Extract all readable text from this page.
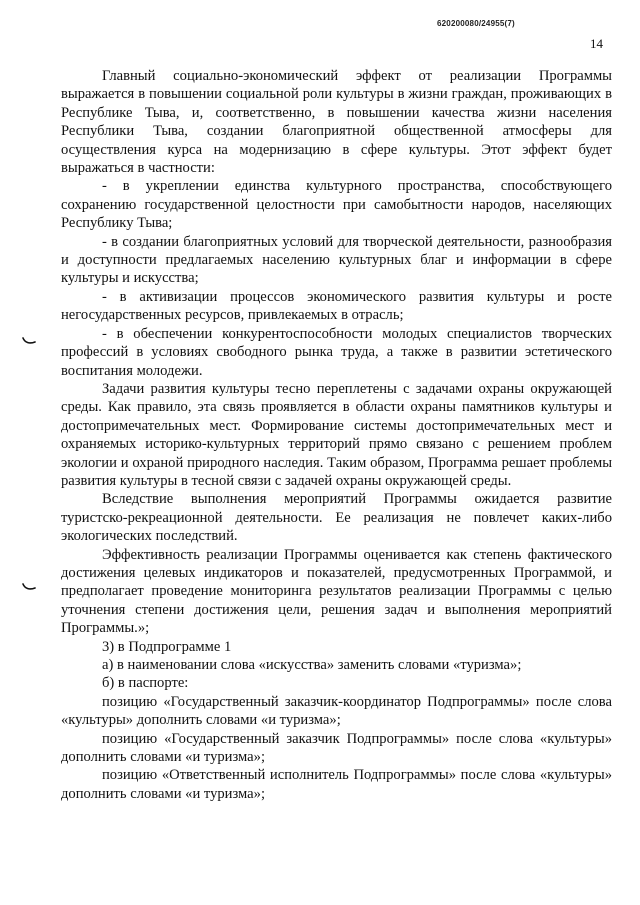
620200080/24955(7)
14

Главный социально-экономический эффект от реализации Программы выражается в повышении социальной роли культуры в жизни граждан, проживающих в Республике Тыва, и, соответственно, в повышении качества жизни населения Республики Тыва, создании благоприятной общественной атмосферы для осуществления курса на модернизацию в сфере культуры. Этот эффект будет выражаться в частности:

- в укреплении единства культурного пространства, способствующего сохранению государственной целостности при самобытности народов, населяющих Республику Тыва;

- в создании благоприятных условий для творческой деятельности, разнообразия и доступности предлагаемых населению культурных благ и информации в сфере культуры и искусства;

- в активизации процессов экономического развития культуры и росте негосударственных ресурсов, привлекаемых в отрасль;

- в обеспечении конкурентоспособности молодых специалистов творческих профессий в условиях свободного рынка труда, а также в развитии эстетического воспитания молодежи.

Задачи развития культуры тесно переплетены с задачами охраны окружающей среды. Как правило, эта связь проявляется в области охраны памятников культуры и достопримечательных мест. Формирование системы достопримечательных мест и охраняемых историко-культурных территорий прямо связано с решением проблем экологии и охраной природного наследия. Таким образом, Программа решает проблемы развития культуры в тесной связи с задачей охраны окружающей среды.

Вследствие выполнения мероприятий Программы ожидается развитие туристско-рекреационной деятельности. Ее реализация не повлечет каких-либо экологических последствий.

Эффективность реализации Программы оценивается как степень фактического достижения целевых индикаторов и показателей, предусмотренных Программой, и предполагает проведение мониторинга результатов реализации Программы с целью уточнения степени достижения цели, решения задач и выполнения мероприятий Программы.»;

3) в Подпрограмме 1

а) в наименовании слова «искусства» заменить словами «туризма»;

б) в паспорте:

позицию «Государственный заказчик-координатор Подпрограммы» после слова «культуры» дополнить словами «и туризма»;

позицию «Государственный заказчик Подпрограммы» после слова «культуры» дополнить словами «и туризма»;

позицию «Ответственный исполнитель Подпрограммы» после слова «культуры» дополнить словами «и туризма»;
